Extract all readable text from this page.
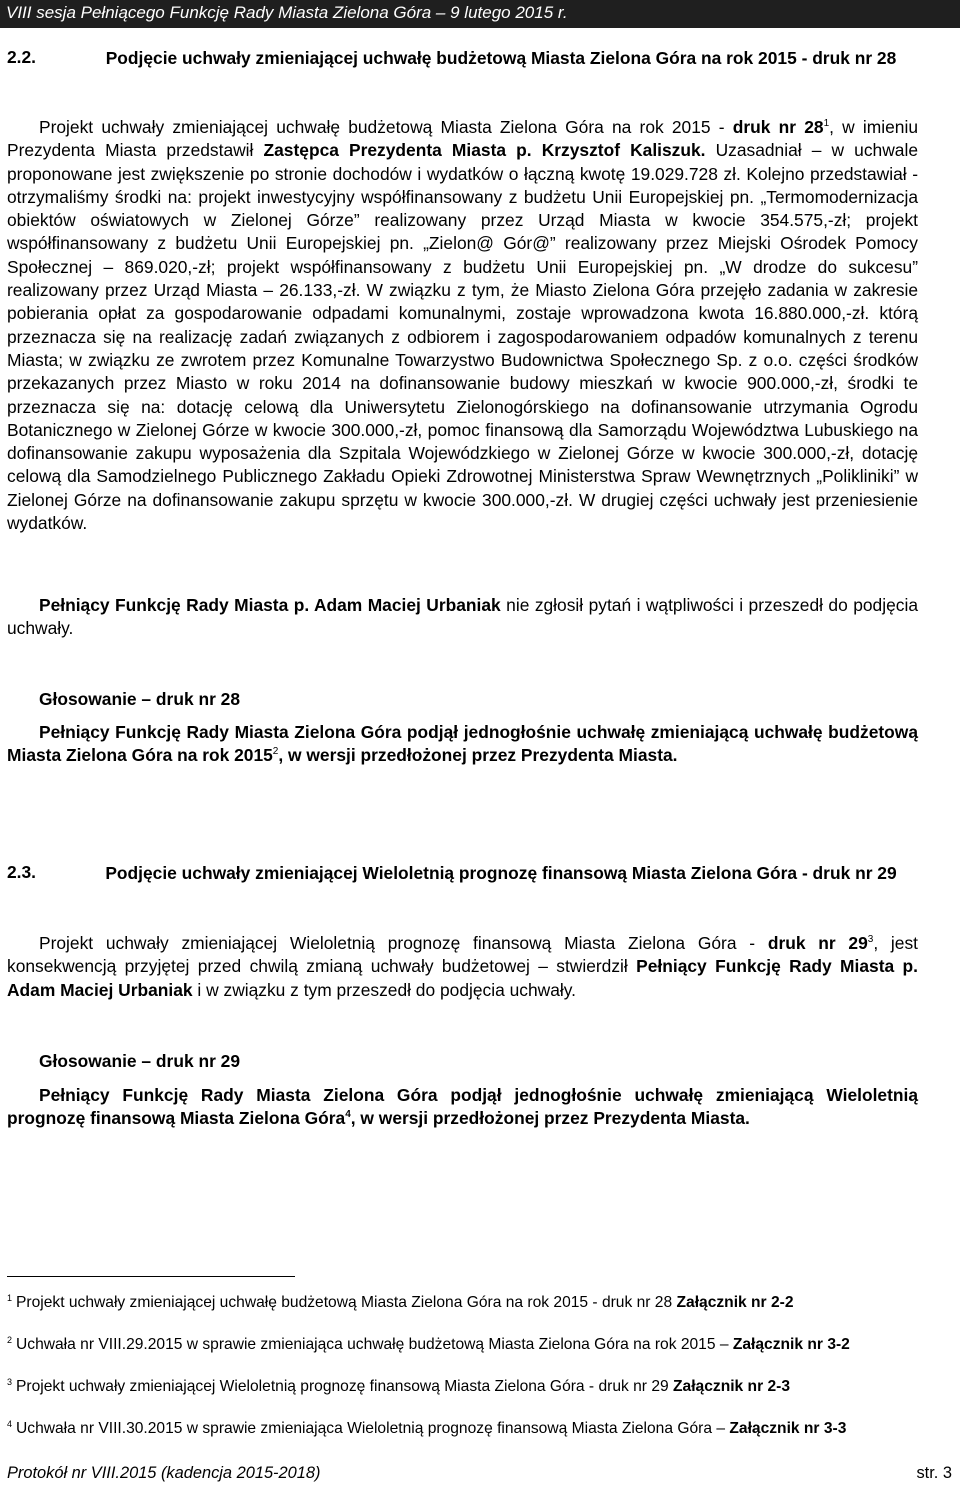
VIII sesja Pełniącego Funkcję Rady Miasta Zielona Góra – 9 lutego 2015 r.
2.2.	Podjęcie uchwały zmieniającej uchwałę budżetową Miasta Zielona Góra na rok 2015 - druk nr 28

Projekt uchwały zmieniającej uchwałę budżetową Miasta Zielona Góra na rok 2015 - druk nr $28^1$, w imieniu Prezydenta Miasta przedstawił Zastępca Prezydenta Miasta p. Krzysztof Kaliszuk. Uzasadniał – w uchwale proponowane jest zwiększenie po stronie dochodów i wydatków o łączną kwotę 19.029.728 zł. Kolejno przedstawiał - otrzymaliśmy środki na: projekt inwestycyjny współfinansowany z budżetu Unii Europejskiej pn. „Termomodernizacja obiektów oświatowych w Zielonej Górze” realizowany przez Urząd Miasta w kwocie 354.575,-zł; projekt współfinansowany z budżetu Unii Europejskiej pn. „Zielon@ Gór@” realizowany przez Miejski Ośrodek Pomocy Społecznej – 869.020,-zł; projekt współfinansowany z budżetu Unii Europejskiej pn. „W drodze do sukcesu” realizowany przez Urząd Miasta – 26.133,-zł. W związku z tym, że Miasto Zielona Góra przejęło zadania w zakresie pobierania opłat za gospodarowanie odpadami komunalnymi, zostaje wprowadzona kwota 16.880.000,-zł. którą przeznacza się na realizację zadań związanych z odbiorem i zagospodarowaniem odpadów komunalnych z terenu Miasta; w związku ze zwrotem przez Komunalne Towarzystwo Budownictwa Społecznego Sp. z o.o. części środków przekazanych przez Miasto w roku 2014 na dofinansowanie budowy mieszkań w kwocie 900.000,-zł, środki te przeznacza się na: dotację celową dla Uniwersytetu Zielonogórskiego na dofinansowanie utrzymania Ogrodu Botanicznego w Zielonej Górze w kwocie 300.000,-zł, pomoc finansową dla Samorządu Województwa Lubuskiego na dofinansowanie zakupu wyposażenia dla Szpitala Wojewódzkiego w Zielonej Górze w kwocie 300.000,-zł, dotację celową dla Samodzielnego Publicznego Zakładu Opieki Zdrowotnej Ministerstwa Spraw Wewnętrznych „Polikliniki” w Zielonej Górze na dofinansowanie zakupu sprzętu w kwocie 300.000,-zł. W drugiej części uchwały jest przeniesienie wydatków.

Pełniący Funkcję Rady Miasta p. Adam Maciej Urbaniak nie zgłosił pytań i wątpliwości i przeszedł do podjęcia uchwały.

Głosowanie – druk nr 28

Pełniący Funkcję Rady Miasta Zielona Góra podjął jednogłośnie uchwałę zmieniającą uchwałę budżetową Miasta Zielona Góra na rok 2015$^2$, w wersji przedłożonej przez Prezydenta Miasta.

2.3.	Podjęcie uchwały zmieniającej Wieloletnią prognozę finansową Miasta Zielona Góra - druk nr 29

Projekt uchwały zmieniającej Wieloletnią prognozę finansową Miasta Zielona Góra - druk nr $29^3$, jest konsekwencją przyjętej przed chwilą zmianą uchwały budżetowej – stwierdził Pełniący Funkcję Rady Miasta p. Adam Maciej Urbaniak i w związku z tym przeszedł do podjęcia uchwały.

Głosowanie – druk nr 29

Pełniący Funkcję Rady Miasta Zielona Góra podjął jednogłośnie uchwałę zmieniającą Wieloletnią prognozę finansową Miasta Zielona Góra$^4$, w wersji przedłożonej przez Prezydenta Miasta.

$^1$ Projekt uchwały zmieniającej uchwałę budżetową Miasta Zielona Góra na rok 2015 - druk nr 28 Załącznik nr 2-2

$^2$ Uchwała nr VIII.29.2015 w sprawie zmieniająca uchwałę budżetową Miasta Zielona Góra na rok 2015 – Załącznik nr 3-2

$^3$ Projekt uchwały zmieniającej Wieloletnią prognozę finansową Miasta Zielona Góra - druk nr 29 Załącznik nr 2-3

$^4$ Uchwała nr VIII.30.2015 w sprawie zmieniająca Wieloletnią prognozę finansową Miasta Zielona Góra – Załącznik nr 3-3

Protokół nr VIII.2015 (kadencja 2015-2018)	str. 3
